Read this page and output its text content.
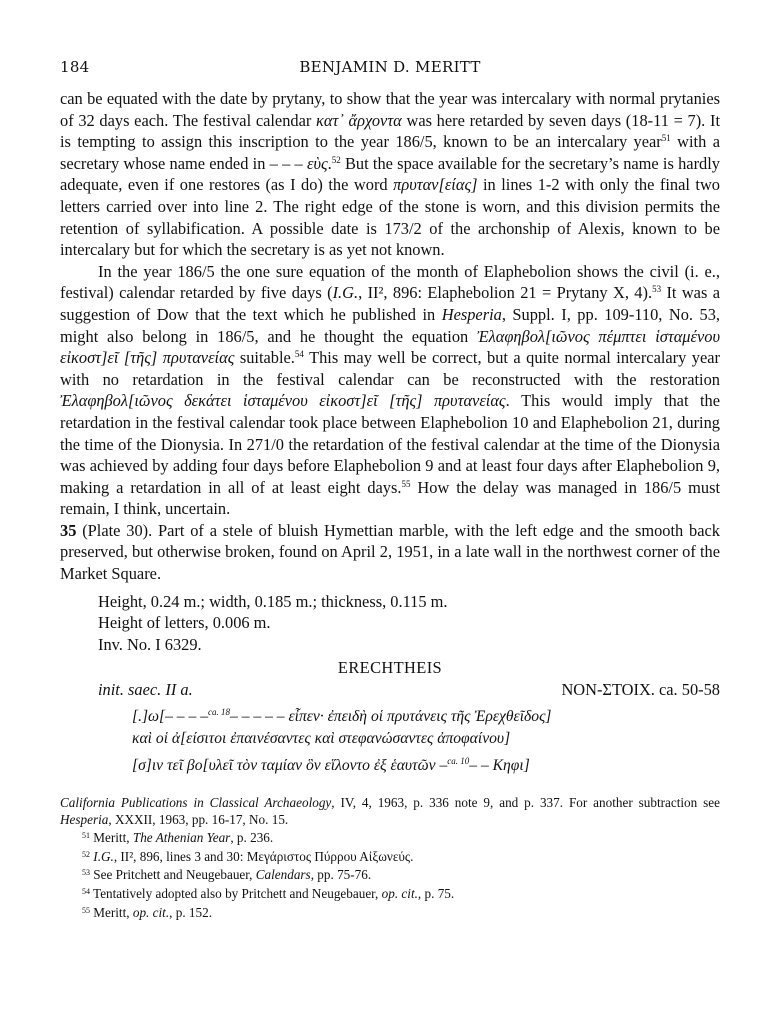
184	BENJAMIN D. MERITT

can be equated with the date by prytany, to show that the year was intercalary with normal prytanies of 32 days each. The festival calendar κατ᾽ ἄρχοντα was here retarded by seven days (18-11 = 7). It is tempting to assign this inscription to the year 186/5, known to be an intercalary year$^{51}$ with a secretary whose name ended in – – – εὺς.$^{52}$ But the space available for the secretary’s name is hardly adequate, even if one restores (as I do) the word πρυταν[είας] in lines 1-2 with only the final two letters carried over into line 2. The right edge of the stone is worn, and this division permits the retention of syllabification. A possible date is 173/2 of the archonship of Alexis, known to be intercalary but for which the secretary is as yet not known.

In the year 186/5 the one sure equation of the month of Elaphebolion shows the civil (i. e., festival) calendar retarded by five days (I.G., II², 896: Elaphebolion 21 = Prytany X, 4).$^{53}$ It was a suggestion of Dow that the text which he published in Hesperia, Suppl. I, pp. 109-110, No. 53, might also belong in 186/5, and he thought the equation Ἐλαφηβολ[ιῶνος πέμπτει ἱσταμένου εἰκοστ]εῖ [τῆς] πρυτανείας suitable.$^{54}$ This may well be correct, but a quite normal intercalary year with no retardation in the festival calendar can be reconstructed with the restoration Ἐλαφηβολ[ιῶνος δεκάτει ἱσταμένου εἰκοστ]εῖ [τῆς] πρυτανείας. This would imply that the retardation in the festival calendar took place between Elaphebolion 10 and Elaphebolion 21, during the time of the Dionysia. In 271/0 the retardation of the festival calendar at the time of the Dionysia was achieved by adding four days before Elaphebolion 9 and at least four days after Elaphebolion 9, making a retardation in all of at least eight days.$^{55}$ How the delay was managed in 186/5 must remain, I think, uncertain.

35 (Plate 30). Part of a stele of bluish Hymettian marble, with the left edge and the smooth back preserved, but otherwise broken, found on April 2, 1951, in a late wall in the northwest corner of the Market Square.

Height, 0.24 m.; width, 0.185 m.; thickness, 0.115 m.
Height of letters, 0.006 m.
Inv. No. I 6329.
ERECHTHEIS
init. saec. II a.	NON-ΣΤΟΙΧ. ca. 50-58
[.]ω[– – – –$^{ca. 18}$– – – – – εἶπεν· ἐπειδὴ οἱ πρυτάνεις τῆς Ἐρεχθεῖδος]
καὶ οἱ ἀ[είσιτοι ἐπαινέσαντες καὶ στεφανώσαντες ἀποφαίνου]
[σ]ιν τεῖ βο[υλεῖ τὸν ταμίαν ὃν εἵλοντο ἐξ ἑαυτῶν –$^{ca. 10}$– – Κηφι]

California Publications in Classical Archaeology, IV, 4, 1963, p. 336 note 9, and p. 337. For another subtraction see Hesperia, XXXII, 1963, pp. 16-17, No. 15.

$^{51}$ Meritt, The Athenian Year, p. 236.

$^{52}$ I.G., II², 896, lines 3 and 30: Μεγάριστος Πύρρου Αἰξωνεύς.

$^{53}$ See Pritchett and Neugebauer, Calendars, pp. 75-76.

$^{54}$ Tentatively adopted also by Pritchett and Neugebauer, op. cit., p. 75.

$^{55}$ Meritt, op. cit., p. 152.
